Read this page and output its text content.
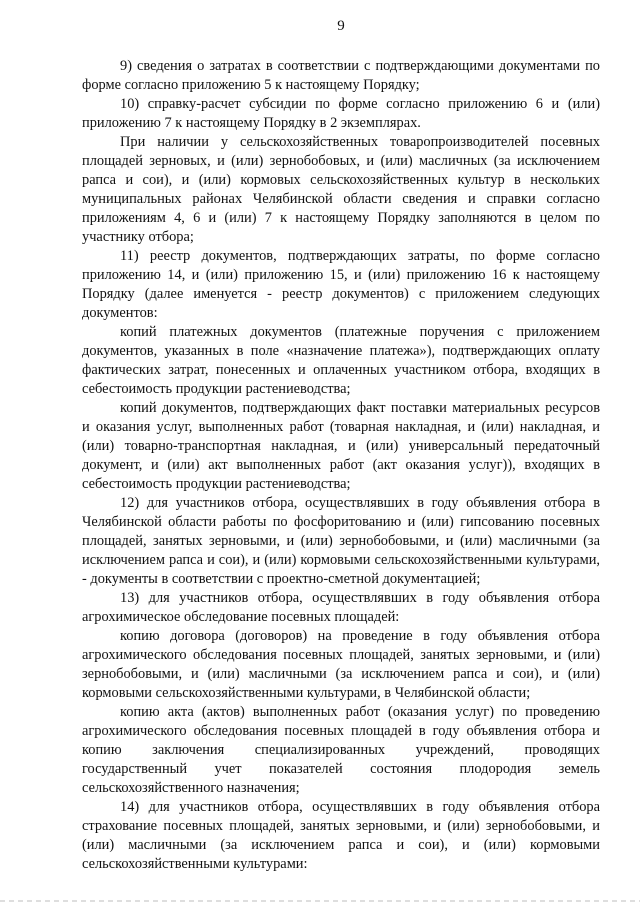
9

9) сведения о затратах в соответствии с подтверждающими документами по форме согласно приложению 5 к настоящему Порядку;

10) справку-расчет субсидии по форме согласно приложению 6 и (или) приложению 7 к настоящему Порядку в 2 экземплярах.

При наличии у сельскохозяйственных товаропроизводителей посевных площадей зерновых, и (или) зернобобовых, и (или) масличных (за исключением рапса и сои), и (или) кормовых сельскохозяйственных культур в нескольких муниципальных районах Челябинской области сведения и справки согласно приложениям 4, 6 и (или) 7 к настоящему Порядку заполняются в целом по участнику отбора;

11) реестр документов, подтверждающих затраты, по форме согласно приложению 14, и (или) приложению 15, и (или) приложению 16 к настоящему Порядку (далее именуется - реестр документов) с приложением следующих документов:

копий платежных документов (платежные поручения с приложением документов, указанных в поле «назначение платежа»), подтверждающих оплату фактических затрат, понесенных и оплаченных участником отбора, входящих в себестоимость продукции растениеводства;

копий документов, подтверждающих факт поставки материальных ресурсов и оказания услуг, выполненных работ (товарная накладная, и (или) накладная, и (или) товарно-транспортная накладная, и (или) универсальный передаточный документ, и (или) акт выполненных работ (акт оказания услуг)), входящих в себестоимость продукции растениеводства;

12) для участников отбора, осуществлявших в году объявления отбора в Челябинской области работы по фосфоритованию и (или) гипсованию посевных площадей, занятых зерновыми, и (или) зернобобовыми, и (или) масличными (за исключением рапса и сои), и (или) кормовыми сельскохозяйственными культурами, - документы в соответствии с проектно-сметной документацией;

13) для участников отбора, осуществлявших в году объявления отбора агрохимическое обследование посевных площадей:

копию договора (договоров) на проведение в году объявления отбора агрохимического обследования посевных площадей, занятых зерновыми, и (или) зернобобовыми, и (или) масличными (за исключением рапса и сои), и (или) кормовыми сельскохозяйственными культурами, в Челябинской области;

копию акта (актов) выполненных работ (оказания услуг) по проведению агрохимического обследования посевных площадей в году объявления отбора и копию заключения специализированных учреждений, проводящих государственный учет показателей состояния плодородия земель сельскохозяйственного назначения;

14) для участников отбора, осуществлявших в году объявления отбора страхование посевных площадей, занятых зерновыми, и (или) зернобобовыми, и (или) масличными (за исключением рапса и сои), и (или) кормовыми сельскохозяйственными культурами:
